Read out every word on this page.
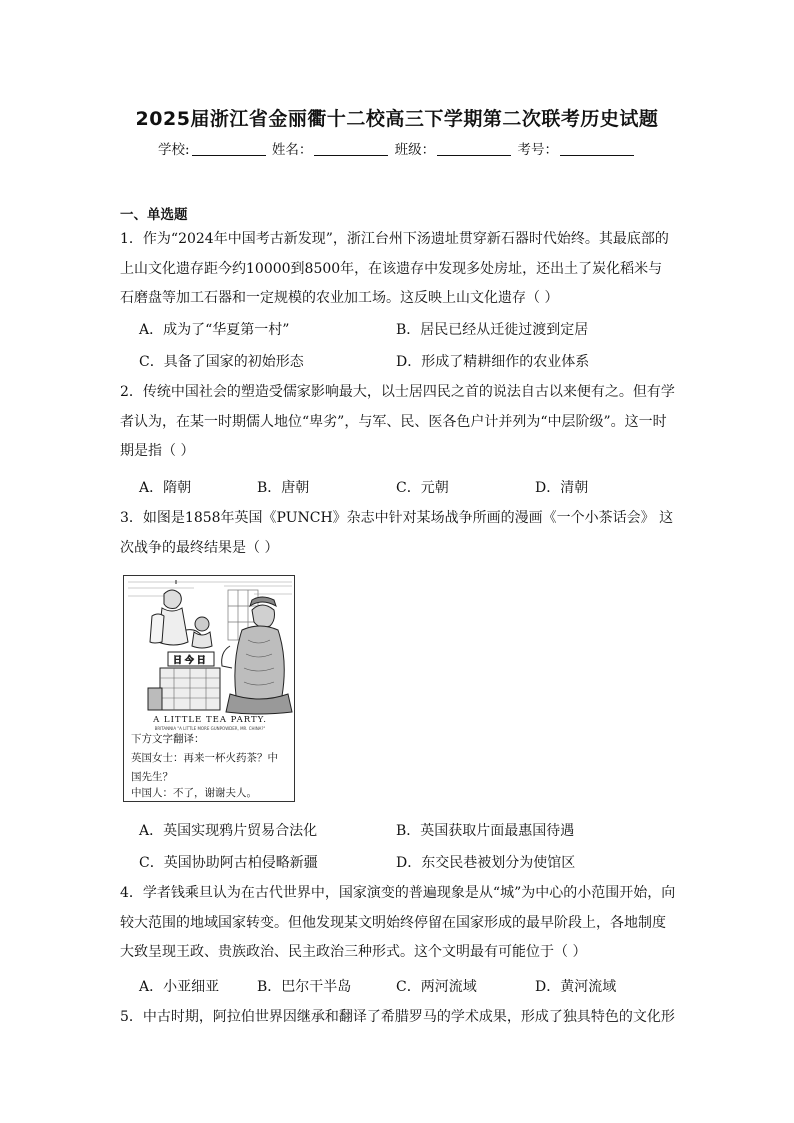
2025届浙江省金丽衢十二校高三下学期第二次联考历史试题
学校:	姓名：	班级：	考号：
一、单选题
1．作为“2024年中国考古新发现”，浙江台州下汤遗址贯穿新石器时代始终。其最底部的上山文化遗存距今约10000到8500年，在该遗存中发现多处房址，还出土了炭化稻米与石磨盘等加工石器和一定规模的农业加工场。这反映上山文化遗存（ ）
A．成为了“华夏第一村”	B．居民已经从迁徙过渡到定居
C．具备了国家的初始形态	D．形成了精耕细作的农业体系
2．传统中国社会的塑造受儒家影响最大，以士居四民之首的说法自古以来便有之。但有学者认为，在某一时期儒人地位“卑劣”，与军、民、医各色户计并列为“中层阶级”。这一时期是指（ ）
A．隋朝	B．唐朝	C．元朝	D．清朝
3．如图是1858年英国《PUNCH》杂志中针对某场战争所画的漫画《一个小茶话会》 这次战争的最终结果是（ ）
日 今 日
A LITTLE TEA PARTY.
BRITANNIA "A LITTLE MORE GUNPOWDER, MR. CHINA?"
下方文字翻译：
英国女士：再来一杯火药茶？中
国先生？
中国人：不了，谢谢夫人。
A．英国实现鸦片贸易合法化	B．英国获取片面最惠国待遇
C．英国协助阿古柏侵略新疆	D．东交民巷被划分为使馆区
4．学者钱乘旦认为在古代世界中，国家演变的普遍现象是从“城”为中心的小范围开始，向较大范围的地域国家转变。但他发现某文明始终停留在国家形成的最早阶段上，各地制度大致呈现王政、贵族政治、民主政治三种形式。这个文明最有可能位于（ ）
A．小亚细亚	B．巴尔干半岛	C．两河流域	D．黄河流域
5．中古时期，阿拉伯世界因继承和翻译了希腊罗马的学术成果，形成了独具特色的文化形
